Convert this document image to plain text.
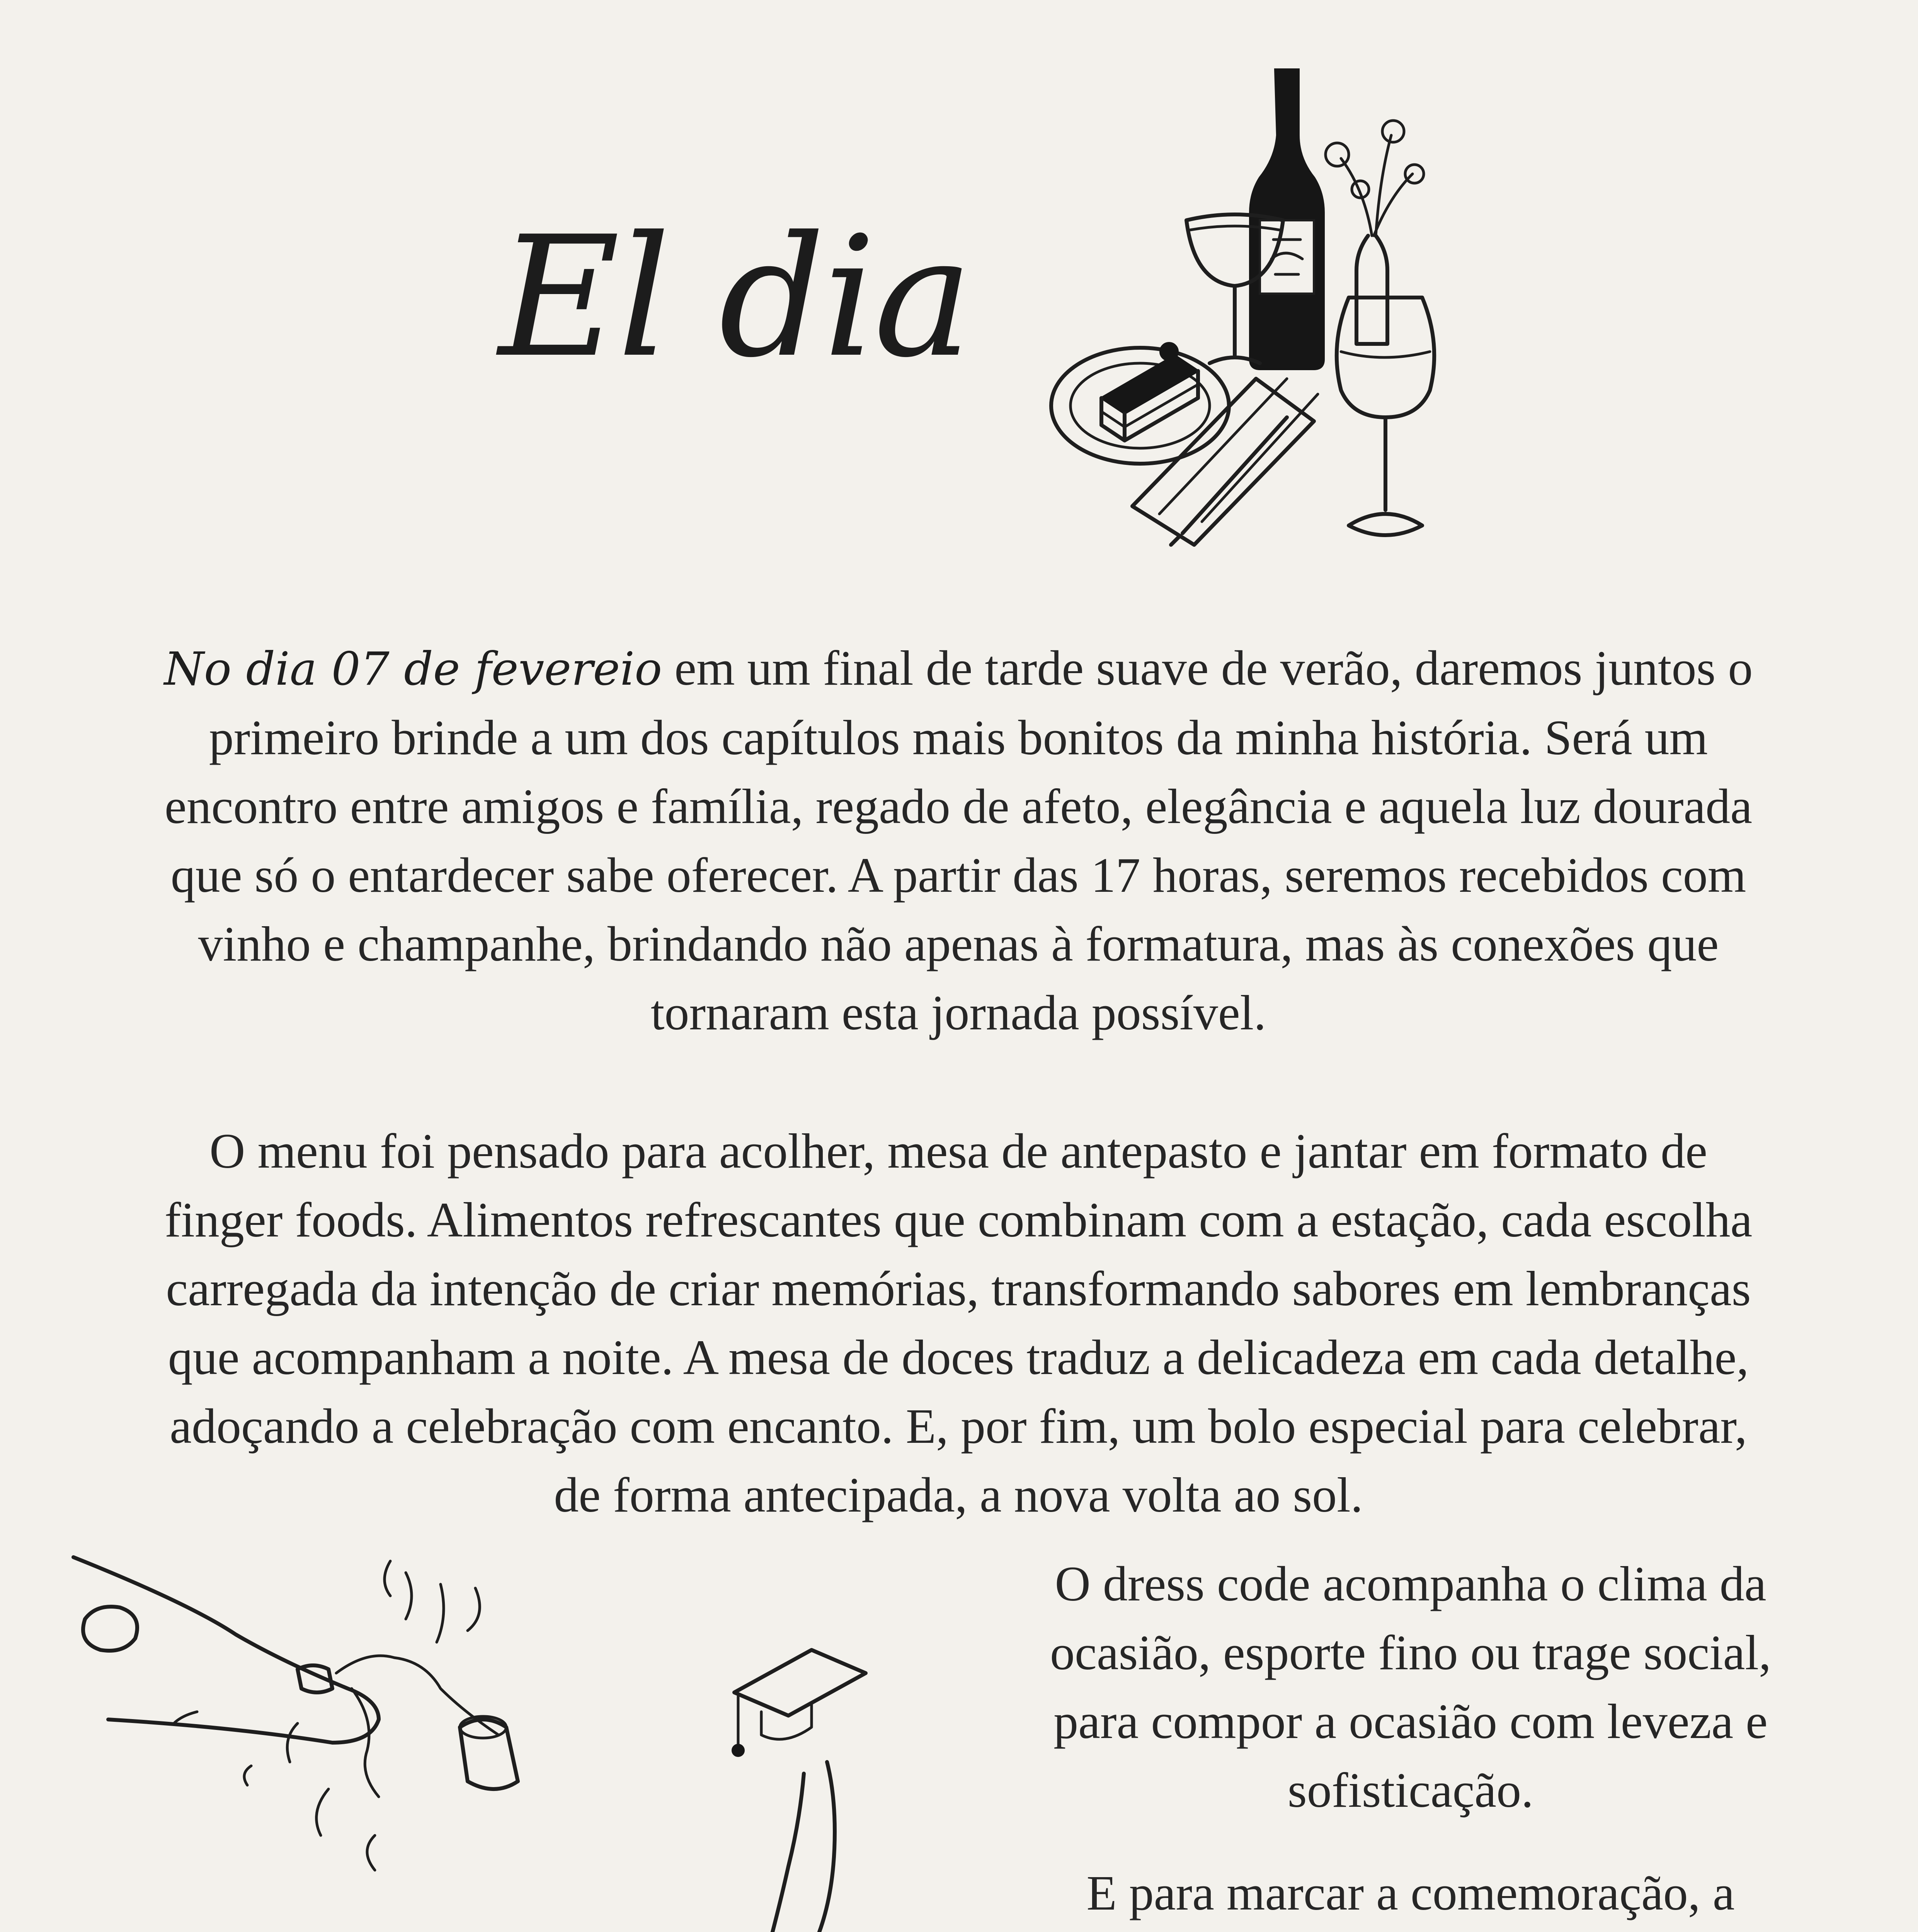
El dia
No dia 07 de fevereio em um final de tarde suave de verão, daremos juntos o primeiro brinde a um dos capítulos mais bonitos da minha história. Será um encontro entre amigos e família, regado de afeto, elegância e aquela luz dourada que só o entardecer sabe oferecer. A partir das 17 horas, seremos recebidos com vinho e champanhe, brindando não apenas à formatura, mas às conexões que tornaram esta jornada possível.
O menu foi pensado para acolher, mesa de antepasto e jantar em formato de finger foods. Alimentos refrescantes que combinam com a estação, cada escolha carregada da intenção de criar memórias, transformando sabores em lembranças que acompanham a noite. A mesa de doces traduz a delicadeza em cada detalhe, adoçando a celebração com encanto. E, por fim, um bolo especial para celebrar, de forma antecipada, a nova volta ao sol.
O dress code acompanha o clima da ocasião, esporte fino ou trage social, para compor a ocasião com leveza e sofisticação.
E para marcar a comemoração, a
